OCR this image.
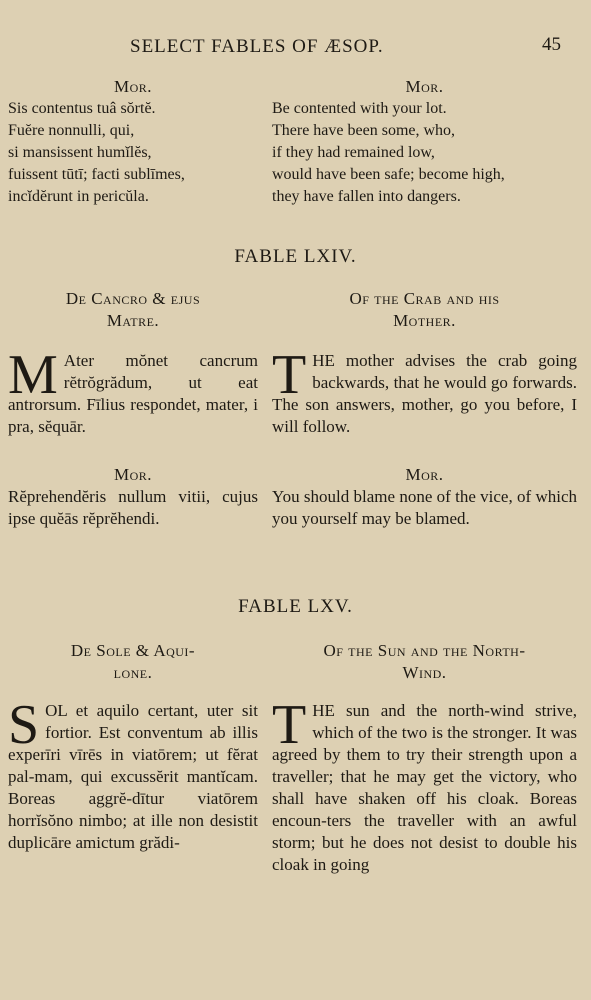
SELECT FABLES OF ÆSOP.	45
Mor.
Sis contentus tuâ sŏrtĕ.
Fuĕre nonnulli, qui,
si mansissent humĭlĕs,
fuissent tūtī; facti sublīmes,
incĭdĕrunt in pericŭla.
Mor.
Be contented with your lot.
There have been some, who,
if they had remained low,
would have been safe; become high,
they have fallen into dangers.
FABLE LXIV.
De Cancro & ejus
Matre.
M Ater mŏnet cancrum rĕtrŏgrădum, ut eat antrorsum. Fīlius respondet, mater, i pra, sĕquār.
Mor.
Rĕprehendĕris nullum vitii, cujus ipse quĕās rĕprĕhendi.
Of the Crab and his
Mother.
T HE mother advises the crab going backwards, that he would go forwards. The son answers, mother, go you before, I will follow.
Mor.
You should blame none of the vice, of which you yourself may be blamed.
FABLE LXV.
De Sole & Aqui-
lone.
S OL et aquilo certant, uter sit fortior. Est conventum ab illis experīri vīrēs in viatōrem; ut fĕrat pal-mam, qui excussĕrit mantĭcam. Boreas aggrĕ-dītur viatōrem horrĭsŏno nimbo; at ille non desistit duplicāre amictum grădi-
Of the Sun and the North-
Wind.
T HE sun and the north-wind strive, which of the two is the stronger. It was agreed by them to try their strength upon a traveller; that he may get the victory, who shall have shaken off his cloak. Boreas encoun-ters the traveller with an awful storm; but he does not desist to double his cloak in going
